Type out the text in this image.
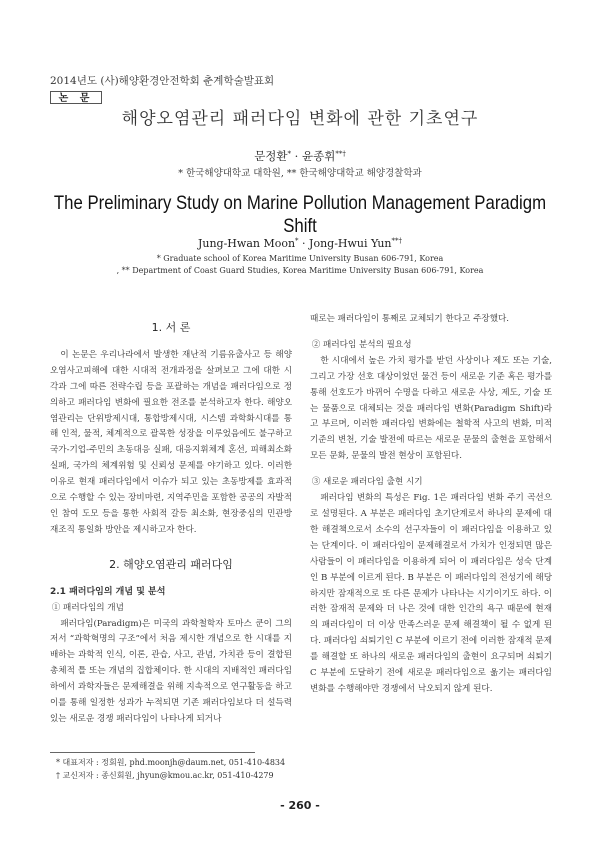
2014년도 (사)해양환경안전학회 춘계학술발표회
논 문
해양오염관리 패러다임 변화에 관한 기초연구
문정환* · 윤종휘**†
* 한국해양대학교 대학원, ** 한국해양대학교 해양경찰학과
The Preliminary Study on Marine Pollution Management Paradigm Shift
Jung-Hwan Moon* · Jong-Hwui Yun**†
* Graduate school of Korea Maritime University Busan 606-791, Korea
, ** Department of Coast Guard Studies, Korea Maritime University Busan 606-791, Korea
1. 서 론

이 논문은 우리나라에서 발생한 재난적 기름유출사고 등 해양오염사고피해에 대한 시대적 전개과정을 살펴보고 그에 대한 시각과 그에 따른 전략수립 등을 포괄하는 개념을 패러다임으로 정의하고 패러다임 변화에 필요한 전조를 분석하고자 한다. 해양오염관리는 단위방제시대, 통합방제시대, 시스템 과학화시대를 통해 인적, 물적, 체계적으로 괄목한 성장을 이루었음에도 불구하고 국가-기업-주민의 초동대응 실패, 대응지휘체계 혼선, 피해최소화 실패, 국가의 체계위험 및 신뢰성 문제를 야기하고 있다. 이러한 이유로 현재 패러다임에서 이슈가 되고 있는 초동방제를 효과적으로 수행할 수 있는 장비마련, 지역주민을 포함한 공공의 자발적인 참여 도모 등을 통한 사회적 갈등 최소화, 현장중심의 민관방재조직 통일화 방안을 제시하고자 한다.

2. 해양오염관리 패러다임
2.1 패러다임의 개념 및 분석
① 패러다임의 개념

패러다임(Paradigm)은 미국의 과학철학자 토마스 쿤이 그의 저서 “과학혁명의 구조”에서 처음 제시한 개념으로 한 시대를 지배하는 과학적 인식, 이론, 관습, 사고, 관념, 가치관 등이 결합된 총체적 틀 또는 개념의 집합체이다. 한 시대의 지배적인 패러다임 하에서 과학자들은 문제해결을 위해 지속적으로 연구활동을 하고 이를 통해 일정한 성과가 누적되면 기존 패러다임보다 더 설득력 있는 새로운 경쟁 패러다임이 나타나게 되거나

때로는 패러다임이 통째로 교체되기 한다고 주장했다.

② 패러다임 분석의 필요성

한 시대에서 높은 가치 평가를 받던 사상이나 제도 또는 기술, 그리고 가장 선호 대상이었던 물건 등이 새로운 기준 혹은 평가를 통해 선호도가 바뀌어 수명을 다하고 새로운 사상, 제도, 기술 또는 물품으로 대체되는 것을 패러다임 변화(Paradigm Shift)라고 부르며, 이러한 패러다임 변화에는 철학적 사고의 변화, 미적 기준의 변천, 기술 발전에 따르는 새로운 문물의 출현을 포함해서 모든 문화, 문물의 발전 현상이 포함된다.

③ 새로운 패러다임 출현 시기

패러다임 변화의 특성은 Fig. 1은 패러다임 변화 주기 곡선으로 설명된다. A 부분은 패러다임 초기단계로서 하나의 문제에 대한 해결책으로서 소수의 선구자들이 이 패러다임을 이용하고 있는 단계이다. 이 패러다임이 문제해결로서 가치가 인정되면 많은 사람들이 이 패러다임을 이용하게 되어 이 패러다임은 성숙 단계인 B 부분에 이르게 된다. B 부분은 이 패러다임의 전성기에 해당하지만 잠재적으로 또 다른 문제가 나타나는 시기이기도 하다. 이러한 잠재적 문제와 더 나은 것에 대한 인간의 욕구 때문에 현재의 패러다임이 더 이상 만족스러운 문제 해결책이 될 수 없게 된다. 패러다임 쇠퇴기인 C 부분에 이르기 전에 이러한 잠재적 문제를 해결할 또 하나의 새로운 패러다임의 출현이 요구되며 쇠퇴기 C 부분에 도달하기 전에 새로운 패러다임으로 옮기는 패러다임 변화를 수행해야만 경쟁에서 낙오되지 않게 된다.

* 대표저자 : 정회원, phd.moonjh@daum.net, 051-410-4834
† 교신저자 : 종신회원, jhyun@kmou.ac.kr, 051-410-4279
- 260 -
